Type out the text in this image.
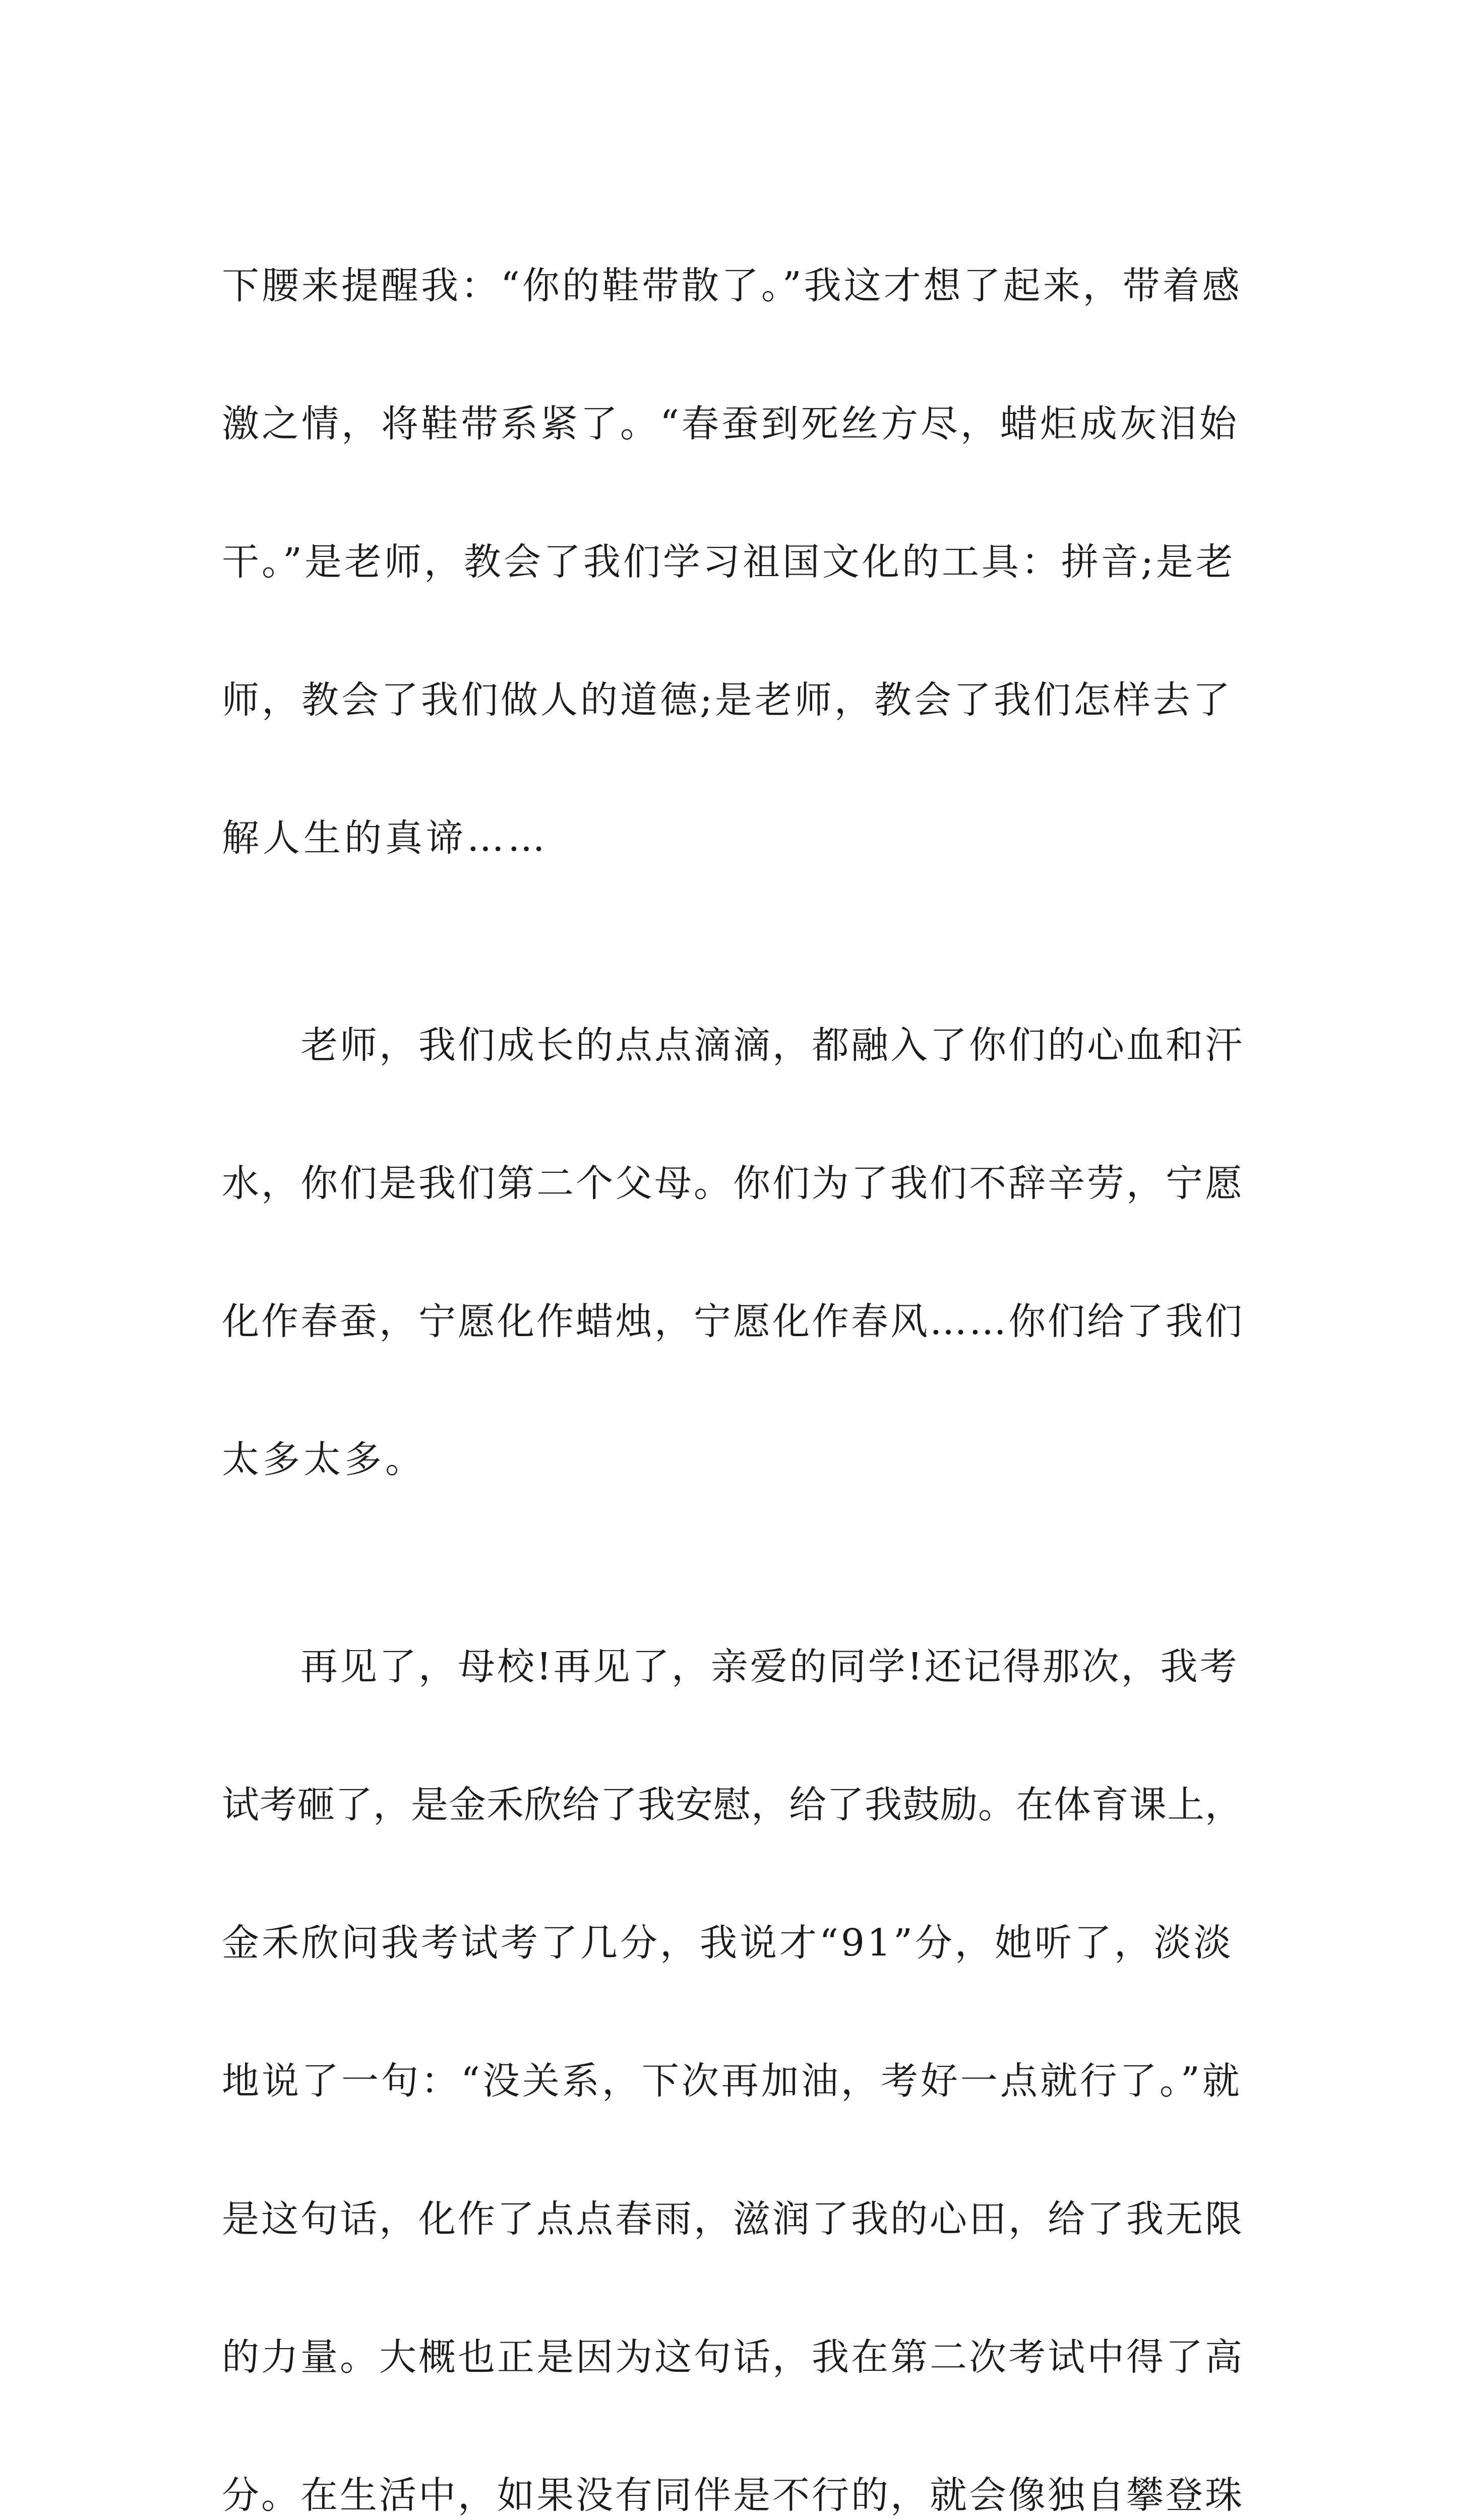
下腰来提醒我：“你的鞋带散了。”我这才想了起来，带着感

激之情，将鞋带系紧了。“春蚕到死丝方尽，蜡炬成灰泪始

干。”是老师，教会了我们学习祖国文化的工具：拼音;是老

师，教会了我们做人的道德;是老师，教会了我们怎样去了

解人生的真谛……

　　老师，我们成长的点点滴滴，都融入了你们的心血和汗

水，你们是我们第二个父母。你们为了我们不辞辛劳，宁愿

化作春蚕，宁愿化作蜡烛，宁愿化作春风……你们给了我们

太多太多。

　　再见了，母校!再见了，亲爱的同学!还记得那次，我考

试考砸了，是金禾欣给了我安慰，给了我鼓励。在体育课上，

金禾欣问我考试考了几分，我说才“91”分，她听了，淡淡

地说了一句：“没关系，下次再加油，考好一点就行了。”就

是这句话，化作了点点春雨，滋润了我的心田，给了我无限

的力量。大概也正是因为这句话，我在第二次考试中得了高

分。在生活中，如果没有同伴是不行的，就会像独自攀登珠
